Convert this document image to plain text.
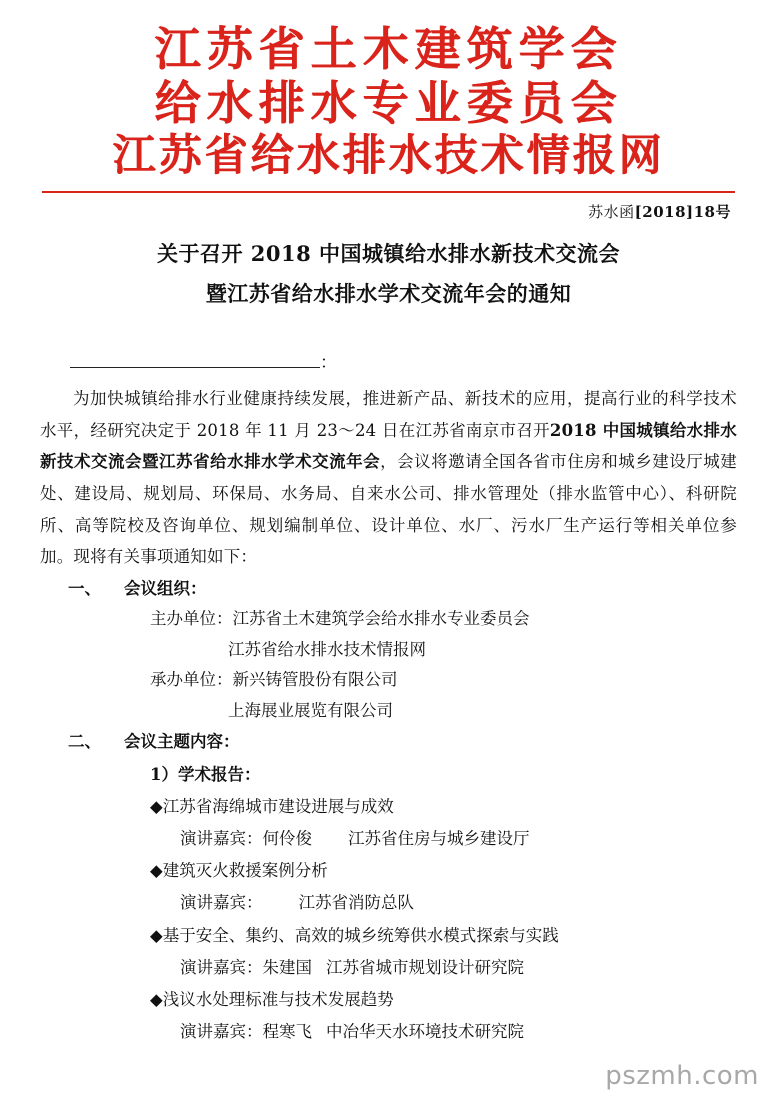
江苏省土木建筑学会
给水排水专业委员会
江苏省给水排水技术情报网
苏水函[2018]18号
关于召开 2018 中国城镇给水排水新技术交流会
暨江苏省给水排水学术交流年会的通知
：

为加快城镇给排水行业健康持续发展，推进新产品、新技术的应用，提高行业的科学技术水平，经研究决定于 2018 年 11 月 23～24 日在江苏省南京市召开2018 中国城镇给水排水新技术交流会暨江苏省给水排水学术交流年会，会议将邀请全国各省市住房和城乡建设厅城建处、建设局、规划局、环保局、水务局、自来水公司、排水管理处（排水监管中心）、科研院所、高等院校及咨询单位、规划编制单位、设计单位、水厂、污水厂生产运行等相关单位参加。现将有关事项通知如下：

一、 会议组织：
主办单位：江苏省土木建筑学会给水排水专业委员会
江苏省给水排水技术情报网
承办单位：新兴铸管股份有限公司
上海展业展览有限公司
二、 会议主题内容：
1）学术报告：
◆江苏省海绵城市建设进展与成效
演讲嘉宾：何伶俊 江苏省住房与城乡建设厅
◆建筑灭火救援案例分析
演讲嘉宾： 江苏省消防总队
◆基于安全、集约、高效的城乡统筹供水模式探索与实践
演讲嘉宾：朱建国 江苏省城市规划设计研究院
◆浅议水处理标准与技术发展趋势
演讲嘉宾：程寒飞 中冶华天水环境技术研究院
pszmh.com
